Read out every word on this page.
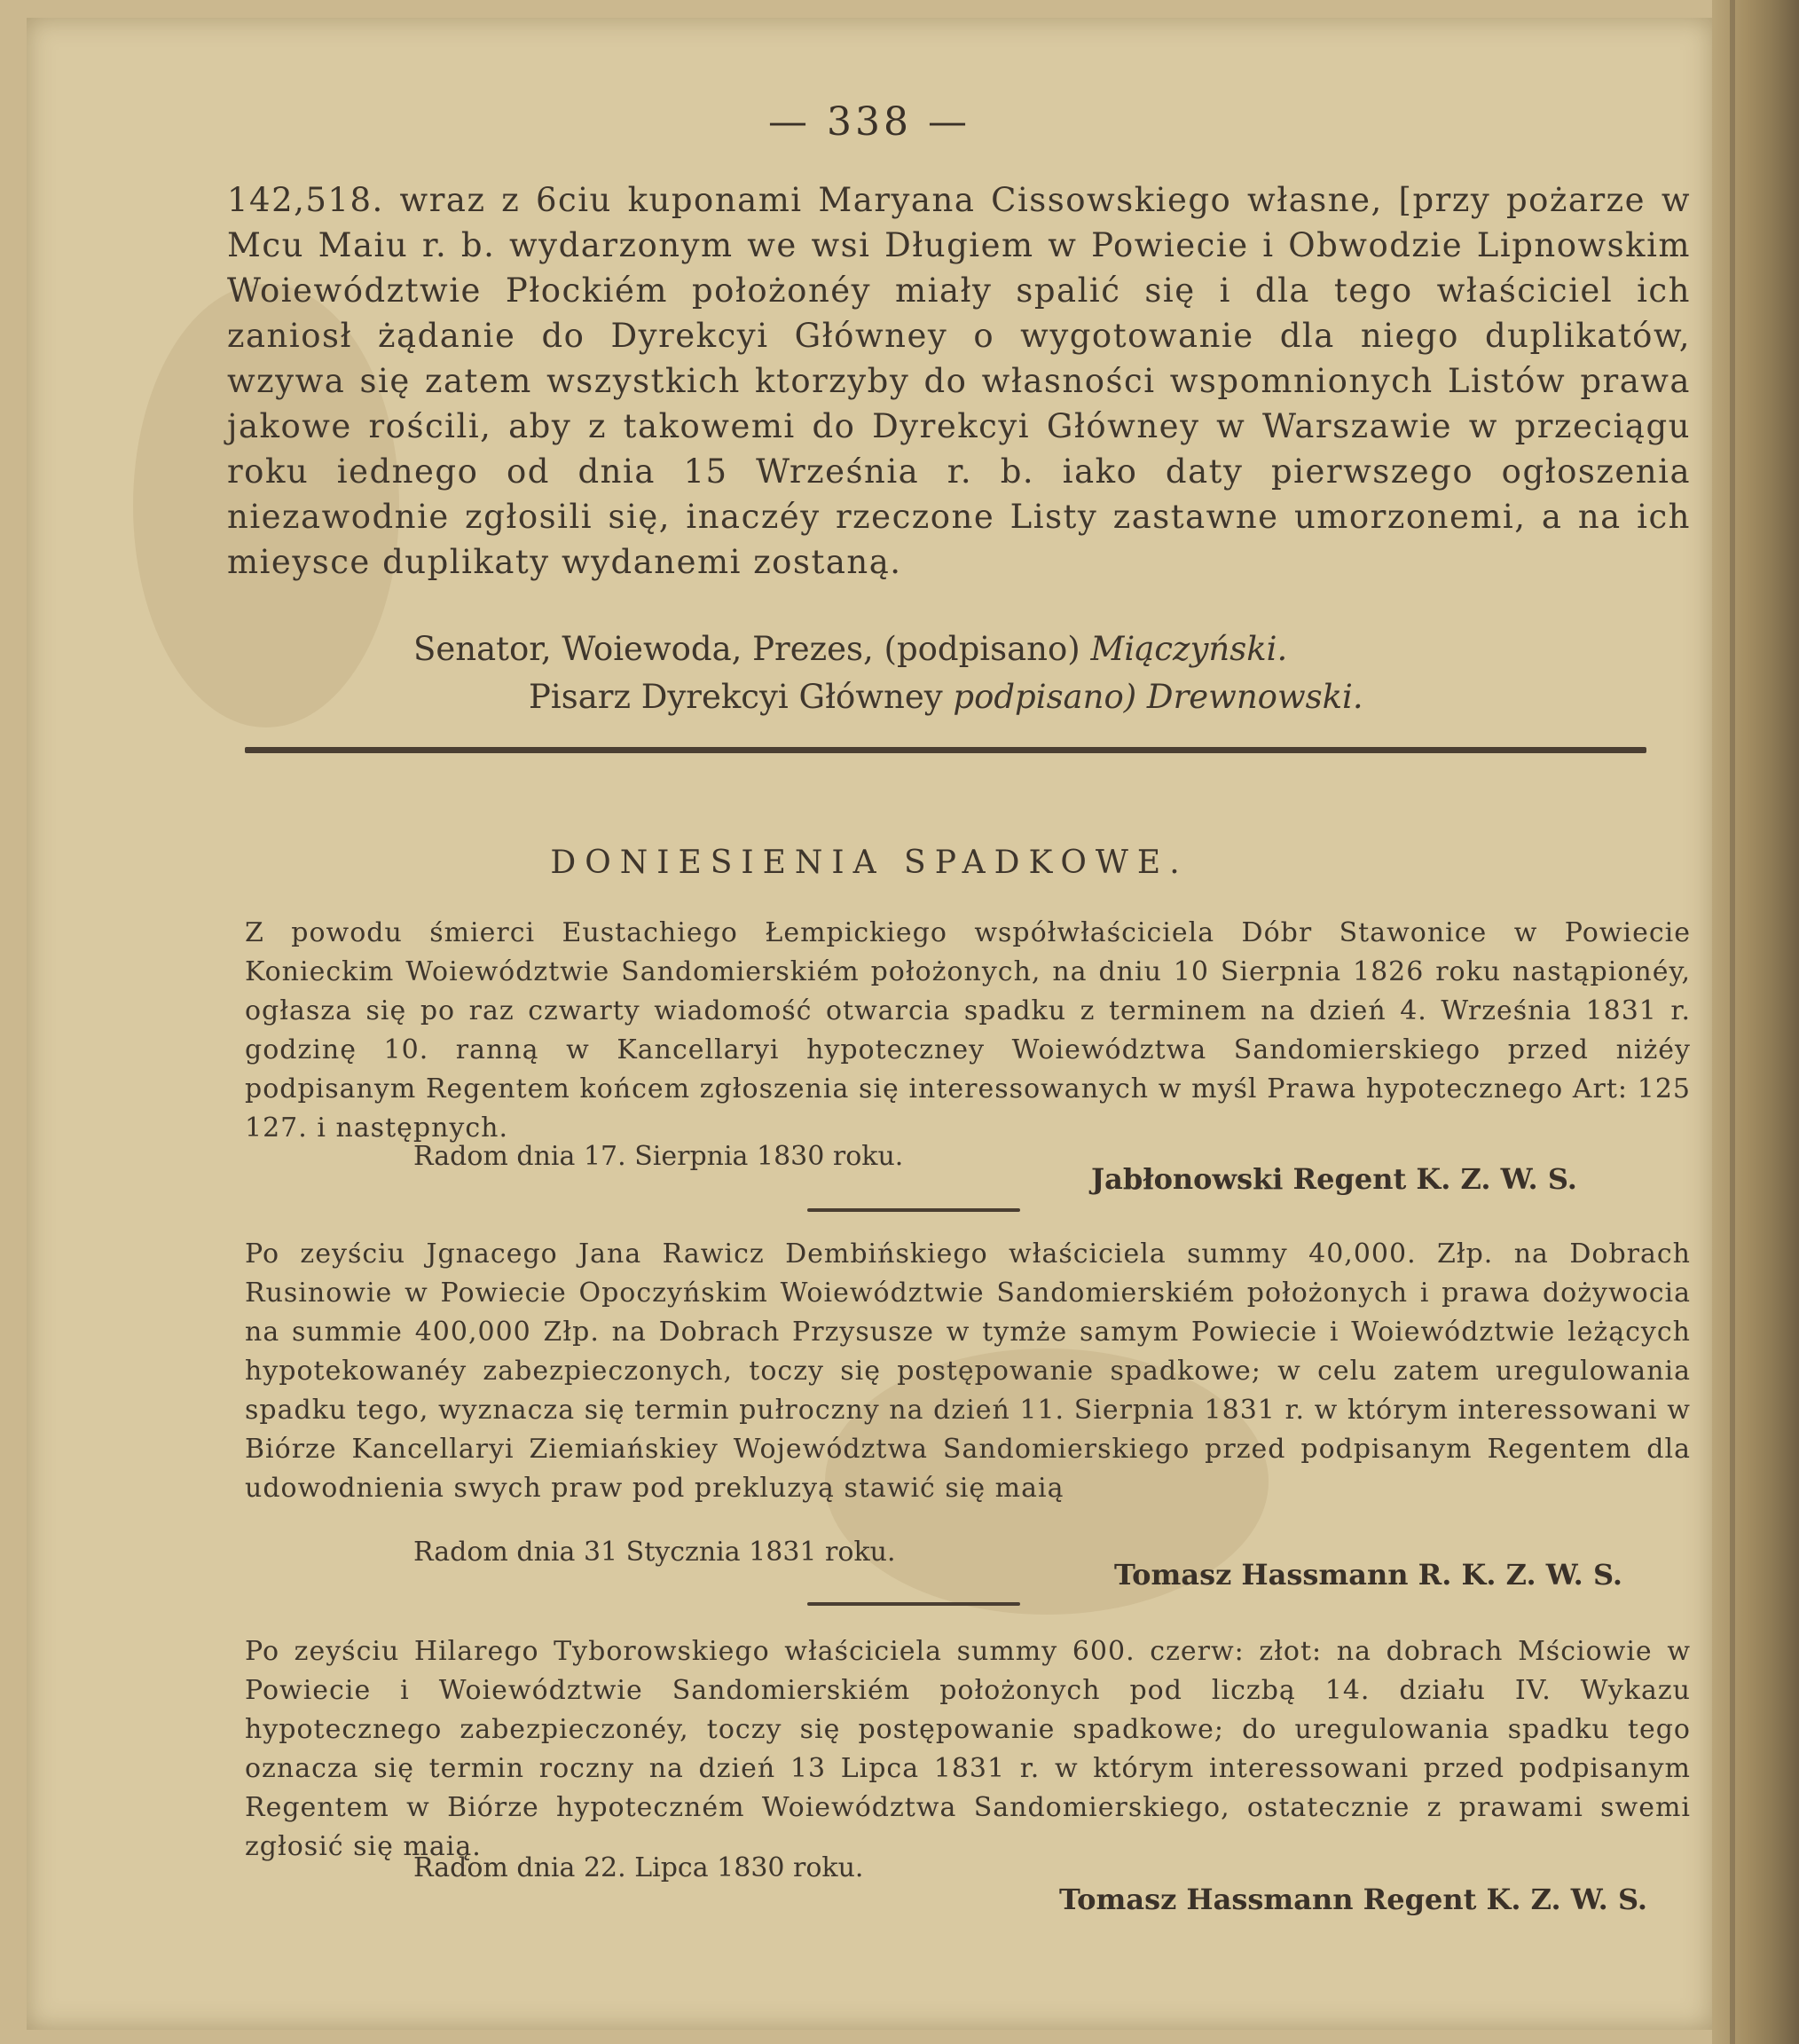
— 338 —
142,518. wraz z 6ciu kuponami Maryana Cissowskiego własne, [przy pożarze w Mcu Maiu r. b. wydarzonym we wsi Długiem w Powiecie i Obwodzie Lipnowskim Woiewództwie Płockiém położonéy miały spalić się i dla tego właściciel ich zaniosł żądanie do Dyrekcyi Główney o wygotowanie dla niego duplikatów, wzywa się zatem wszystkich ktorzyby do własności wspomnionych Listów prawa jakowe rościli, aby z takowemi do Dyrekcyi Główney w Warszawie w przeciągu roku iednego od dnia 15 Września r. b. iako daty pierwszego ogłoszenia niezawodnie zgłosili się, inaczéy rzeczone Listy zastawne umorzonemi, a na ich mieysce duplikaty wydanemi zostaną.
Senator, Woiewoda, Prezes, (podpisano) Miączyński.
Pisarz Dyrekcyi Główney podpisano) Drewnowski.
DONIESIENIA SPADKOWE.
Z powodu śmierci Eustachiego Łempickiego współwłaściciela Dóbr Stawonice w Powiecie Konieckim Woiewództwie Sandomierskiém położonych, na dniu 10 Sierpnia 1826 roku nastąpionéy, ogłasza się po raz czwarty wiadomość otwarcia spadku z terminem na dzień 4. Września 1831 r. godzinę 10. ranną w Kancellaryi hypoteczney Woiewództwa Sandomierskiego przed niżéy podpisanym Regentem końcem zgłoszenia się interessowanych w myśl Prawa hypotecznego Art: 125 127. i następnych.
Radom dnia 17. Sierpnia 1830 roku.
Jabłonowski Regent K. Z. W. S.
Po zeyściu Jgnacego Jana Rawicz Dembińskiego właściciela summy 40,000. Złp. na Dobrach Rusinowie w Powiecie Opoczyńskim Woiewództwie Sandomierskiém położonych i prawa dożywocia na summie 400,000 Złp. na Dobrach Przysusze w tymże samym Powiecie i Woiewództwie leżących hypotekowanéy zabezpieczonych, toczy się postępowanie spadkowe; w celu zatem uregulowania spadku tego, wyznacza się termin pułroczny na dzień 11. Sierpnia 1831 r. w którym interessowani w Biórze Kancellaryi Ziemiańskiey Województwa Sandomierskiego przed podpisanym Regentem dla udowodnienia swych praw pod prekluzyą stawić się maią
Radom dnia 31 Stycznia 1831 roku.
Tomasz Hassmann R. K. Z. W. S.
Po zeyściu Hilarego Tyborowskiego właściciela summy 600. czerw: złot: na dobrach Mściowie w Powiecie i Woiewództwie Sandomierskiém położonych pod liczbą 14. działu IV. Wykazu hypotecznego zabezpieczonéy, toczy się postępowanie spadkowe; do uregulowania spadku tego oznacza się termin roczny na dzień 13 Lipca 1831 r. w którym interessowani przed podpisanym Regentem w Biórze hypoteczném Woiewództwa Sandomierskiego, ostatecznie z prawami swemi zgłosić się maią.
Radom dnia 22. Lipca 1830 roku.
Tomasz Hassmann Regent K. Z. W. S.
